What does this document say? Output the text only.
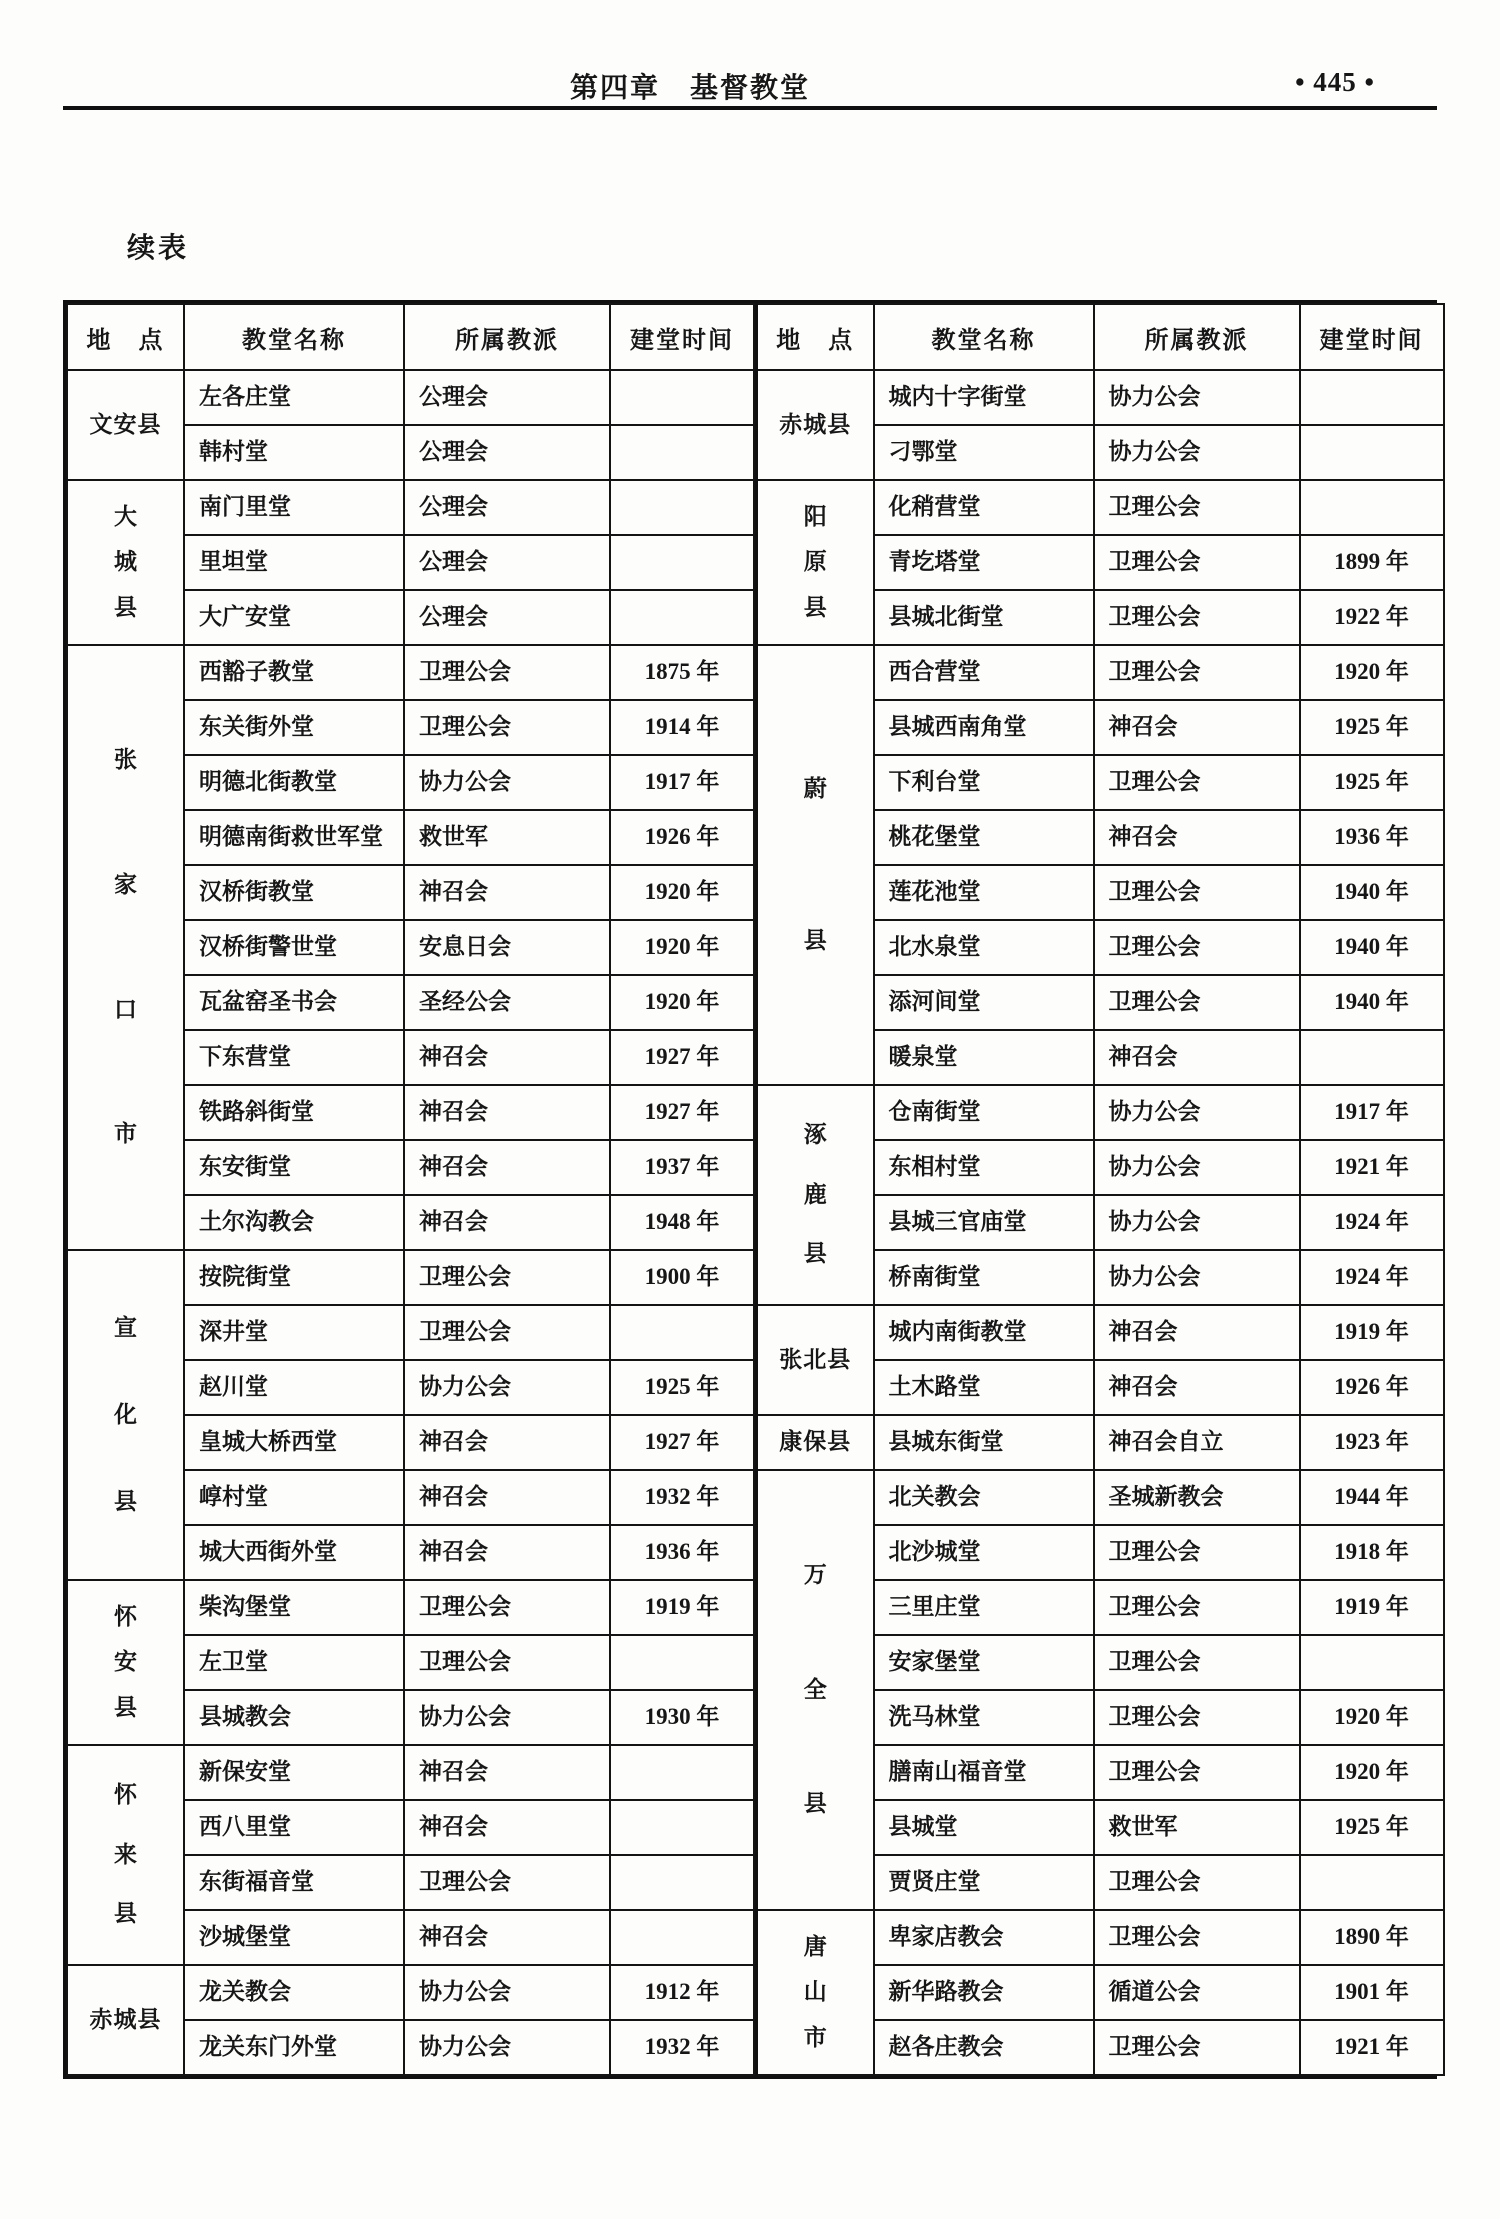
第四章　基督教堂	• 445 •
续表
地　点	教堂名称	所属教派	建堂时间

文安县	左各庄堂	公理会	
	韩村堂	公理会	

大
城
县	南门里堂	公理会	
	里坦堂	公理会	
	大广安堂	公理会	

张
家
口
市	西豁子教堂	卫理公会	1875 年
	东关街外堂	卫理公会	1914 年
	明德北街教堂	协力公会	1917 年
	明德南街救世军堂	救世军	1926 年
	汉桥街教堂	神召会	1920 年
	汉桥街警世堂	安息日会	1920 年
	瓦盆窑圣书会	圣经公会	1920 年
	下东营堂	神召会	1927 年
	铁路斜街堂	神召会	1927 年
	东安街堂	神召会	1937 年
	土尔沟教会	神召会	1948 年

宣
化
县	按院街堂	卫理公会	1900 年
	深井堂	卫理公会	
	赵川堂	协力公会	1925 年
	皇城大桥西堂	神召会	1927 年
	崞村堂	神召会	1932 年
	城大西街外堂	神召会	1936 年

怀
安
县	柴沟堡堂	卫理公会	1919 年
	左卫堂	卫理公会	
	县城教会	协力公会	1930 年

怀
来
县	新保安堂	神召会	
	西八里堂	神召会	
	东街福音堂	卫理公会	
	沙城堡堂	神召会	

赤城县	龙关教会	协力公会	1912 年
	龙关东门外堂	协力公会	1932 年
地　点	教堂名称	所属教派	建堂时间

赤城县	城内十字街堂	协力公会	
	刁鄂堂	协力公会	

阳
原
县	化稍营堂	卫理公会	
	青圪塔堂	卫理公会	1899 年
	县城北街堂	卫理公会	1922 年

蔚
县	西合营堂	卫理公会	1920 年
	县城西南角堂	神召会	1925 年
	下利台堂	卫理公会	1925 年
	桃花堡堂	神召会	1936 年
	莲花池堂	卫理公会	1940 年
	北水泉堂	卫理公会	1940 年
	添河间堂	卫理公会	1940 年
	暖泉堂	神召会	

涿
鹿
县	仓南街堂	协力公会	1917 年
	东相村堂	协力公会	1921 年
	县城三官庙堂	协力公会	1924 年
	桥南街堂	协力公会	1924 年

张北县	城内南街教堂	神召会	1919 年
	土木路堂	神召会	1926 年

康保县	县城东街堂	神召会自立	1923 年

万
全
县	北关教会	圣城新教会	1944 年
	北沙城堂	卫理公会	1918 年
	三里庄堂	卫理公会	1919 年
	安家堡堂	卫理公会	
	洗马林堂	卫理公会	1920 年
	膳南山福音堂	卫理公会	1920 年
	县城堂	救世军	1925 年
	贾贤庄堂	卫理公会	

唐
山
市	卑家店教会	卫理公会	1890 年
	新华路教会	循道公会	1901 年
	赵各庄教会	卫理公会	1921 年
